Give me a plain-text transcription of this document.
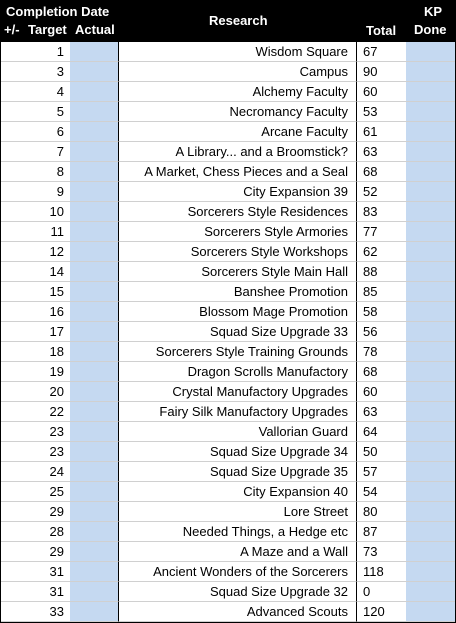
Completion Date
+/- Target Actual
Research
Total
KP
Done
1	Wisdom Square	67
3	Campus	90
4	Alchemy Faculty	60
5	Necromancy Faculty	53
6	Arcane Faculty	61
7	A Library... and a Broomstick?	63
8	A Market, Chess Pieces and a Seal	68
9	City Expansion 39	52
10	Sorcerers Style Residences	83
11	Sorcerers Style Armories	77
12	Sorcerers Style Workshops	62
14	Sorcerers Style Main Hall	88
15	Banshee Promotion	85
16	Blossom Mage Promotion	58
17	Squad Size Upgrade 33	56
18	Sorcerers Style Training Grounds	78
19	Dragon Scrolls Manufactory	68
20	Crystal Manufactory Upgrades	60
22	Fairy Silk Manufactory Upgrades	63
23	Vallorian Guard	64
23	Squad Size Upgrade 34	50
24	Squad Size Upgrade 35	57
25	City Expansion 40	54
29	Lore Street	80
28	Needed Things, a Hedge etc	87
29	A Maze and a Wall	73
31	Ancient Wonders of the Sorcerers	118
31	Squad Size Upgrade 32	0
33	Advanced Scouts	120
